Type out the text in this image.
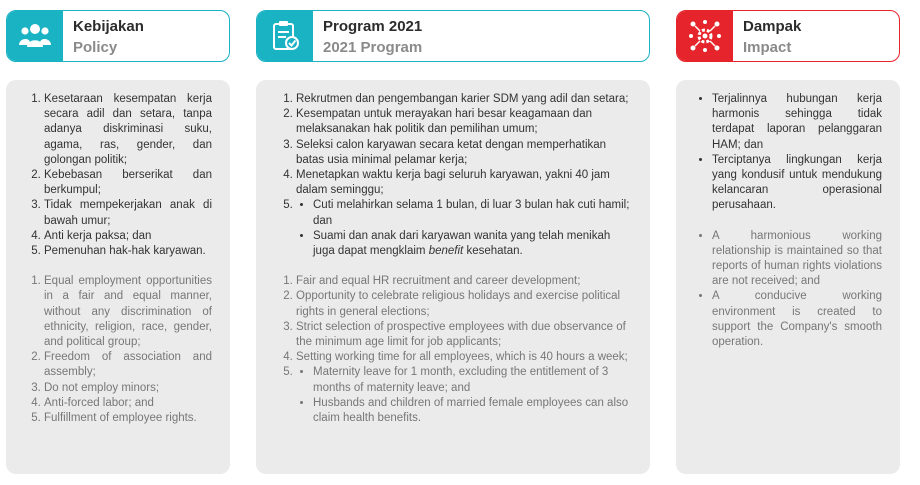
Kebijakan
Policy
Program 2021
2021 Program
Dampak
Impact
1. Kesetaraan kesempatan kerja secara adil dan setara, tanpa adanya diskriminasi suku, agama, ras, gender, dan golongan politik;
2. Kebebasan berserikat dan berkumpul;
3. Tidak mempekerjakan anak di bawah umur;
4. Anti kerja paksa; dan
5. Pemenuhan hak-hak karyawan.
1. Equal employment opportunities in a fair and equal manner, without any discrimination of ethnicity, religion, race, gender, and political group;
2. Freedom of association and assembly;
3. Do not employ minors;
4. Anti-forced labor; and
5. Fulfillment of employee rights.
1. Rekrutmen dan pengembangan karier SDM yang adil dan setara;
2. Kesempatan untuk merayakan hari besar keagamaan dan melaksanakan hak politik dan pemilihan umum;
3. Seleksi calon karyawan secara ketat dengan memperhatikan batas usia minimal pelamar kerja;
4. Menetapkan waktu kerja bagi seluruh karyawan, yakni 40 jam dalam seminggu;
• 5. Cuti melahirkan selama 1 bulan, di luar 3 bulan hak cuti hamil; dan
• Suami dan anak dari karyawan wanita yang telah menikah juga dapat mengklaim benefit kesehatan.
1. Fair and equal HR recruitment and career development;
2. Opportunity to celebrate religious holidays and exercise political rights in general elections;
3. Strict selection of prospective employees with due observance of the minimum age limit for job applicants;
4. Setting working time for all employees, which is 40 hours a week;
• 5. Maternity leave for 1 month, excluding the entitlement of 3 months of maternity leave; and
• Husbands and children of married female employees can also claim health benefits.
• Terjalinnya hubungan kerja harmonis sehingga tidak terdapat laporan pelanggaran HAM; dan
• Terciptanya lingkungan kerja yang kondusif untuk mendukung kelancaran operasional perusahaan.
• A harmonious working relationship is maintained so that reports of human rights violations are not received; and
• A conducive working environment is created to support the Company's smooth operation.
